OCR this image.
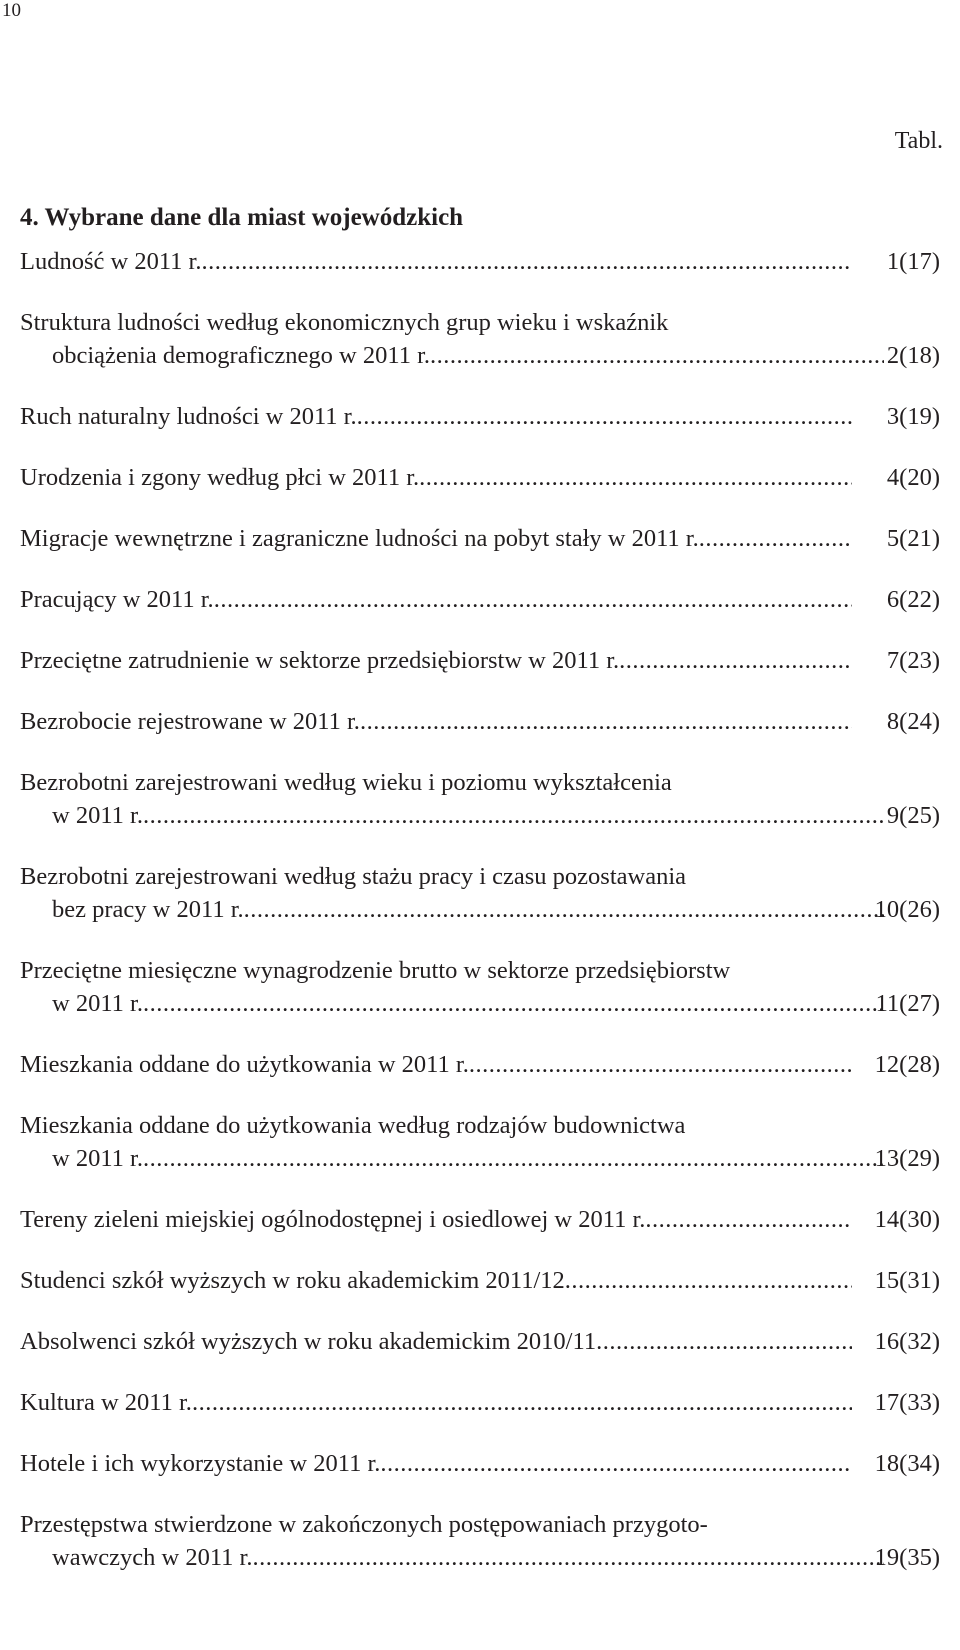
10
Tabl.
4. Wybrane dane dla miast wojewódzkich
Ludność w 2011 r. .....	1(17)
Struktura ludności według ekonomicznych grup wieku i wskaźnik
obciążenia demograficznego w 2011 r. .....	2(18)
Ruch naturalny ludności w 2011 r. .....	3(19)
Urodzenia i zgony według płci w 2011 r. .....	4(20)
Migracje wewnętrzne i zagraniczne ludności na pobyt stały w 2011 r. .....	5(21)
Pracujący w 2011 r. .....	6(22)
Przeciętne zatrudnienie w sektorze przedsiębiorstw w 2011 r. .....	7(23)
Bezrobocie rejestrowane w 2011 r. .....	8(24)
Bezrobotni zarejestrowani według wieku i poziomu wykształcenia
w 2011 r. .....	9(25)
Bezrobotni zarejestrowani według stażu pracy i czasu pozostawania
bez pracy w 2011 r. .....	10(26)
Przeciętne miesięczne wynagrodzenie brutto w sektorze przedsiębiorstw
w 2011 r. .....	11(27)
Mieszkania oddane do użytkowania w 2011 r. .....	12(28)
Mieszkania oddane do użytkowania według rodzajów budownictwa
w 2011 r. .....	13(29)
Tereny zieleni miejskiej ogólnodostępnej i osiedlowej w 2011 r. .....	14(30)
Studenci szkół wyższych w roku akademickim 2011/12 .....	15(31)
Absolwenci szkół wyższych w roku akademickim 2010/11 .....	16(32)
Kultura w 2011 r. .....	17(33)
Hotele i ich wykorzystanie w 2011 r. .....	18(34)
Przestępstwa stwierdzone w zakończonych postępowaniach przygoto-
wawczych w 2011 r. .....	19(35)
